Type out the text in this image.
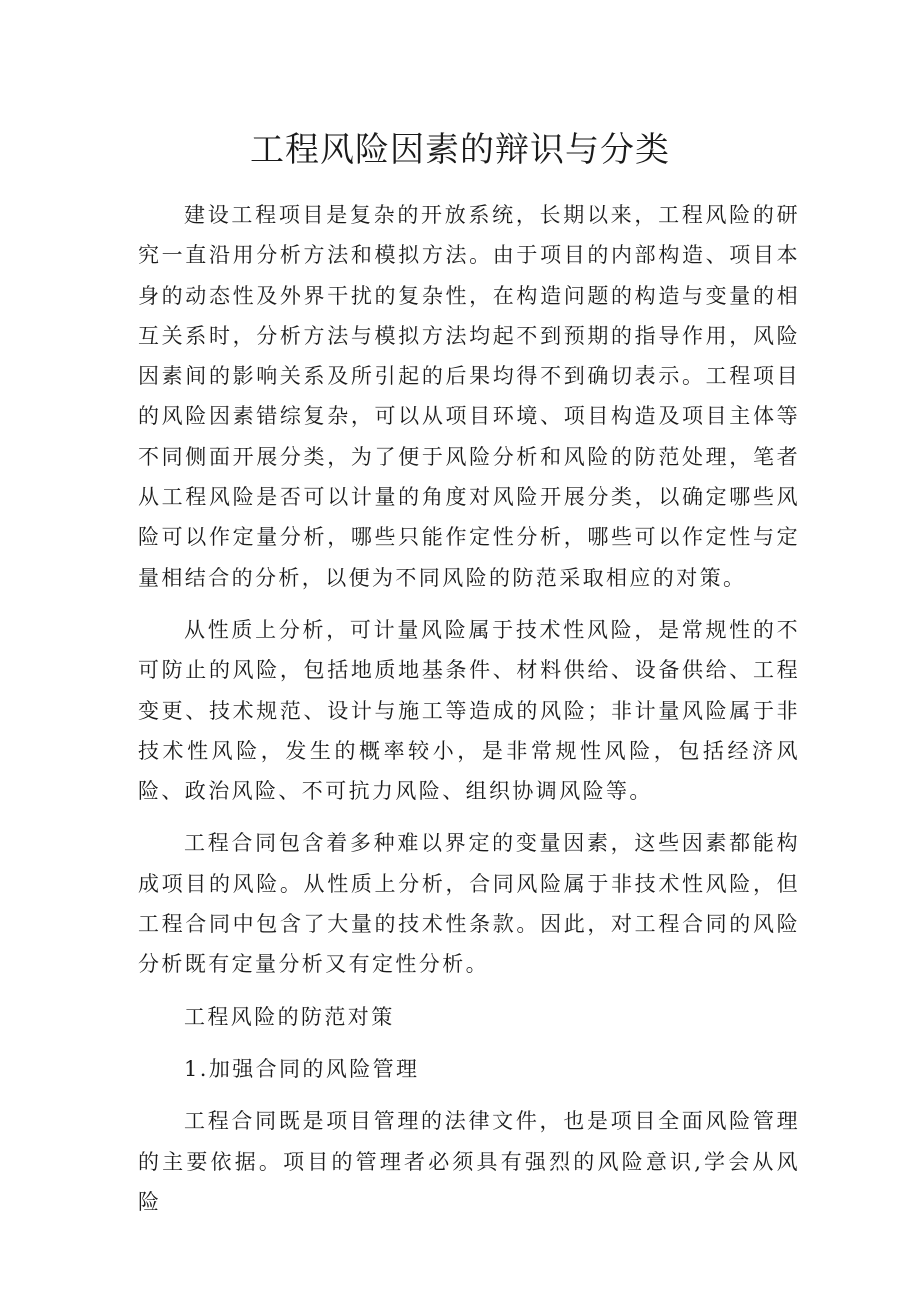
工程风险因素的辩识与分类

建设工程项目是复杂的开放系统，长期以来，工程风险的研究一直沿用分析方法和模拟方法。由于项目的内部构造、项目本身的动态性及外界干扰的复杂性，在构造问题的构造与变量的相互关系时，分析方法与模拟方法均起不到预期的指导作用，风险因素间的影响关系及所引起的后果均得不到确切表示。工程项目的风险因素错综复杂，可以从项目环境、项目构造及项目主体等不同侧面开展分类，为了便于风险分析和风险的防范处理，笔者从工程风险是否可以计量的角度对风险开展分类，以确定哪些风险可以作定量分析，哪些只能作定性分析，哪些可以作定性与定量相结合的分析，以便为不同风险的防范采取相应的对策。

从性质上分析，可计量风险属于技术性风险，是常规性的不可防止的风险，包括地质地基条件、材料供给、设备供给、工程变更、技术规范、设计与施工等造成的风险；非计量风险属于非技术性风险，发生的概率较小，是非常规性风险，包括经济风险、政治风险、不可抗力风险、组织协调风险等。

工程合同包含着多种难以界定的变量因素，这些因素都能构成项目的风险。从性质上分析，合同风险属于非技术性风险，但工程合同中包含了大量的技术性条款。因此，对工程合同的风险分析既有定量分析又有定性分析。

工程风险的防范对策

1.加强合同的风险管理

工程合同既是项目管理的法律文件，也是项目全面风险管理的主要依据。项目的管理者必须具有强烈的风险意识,学会从风险
